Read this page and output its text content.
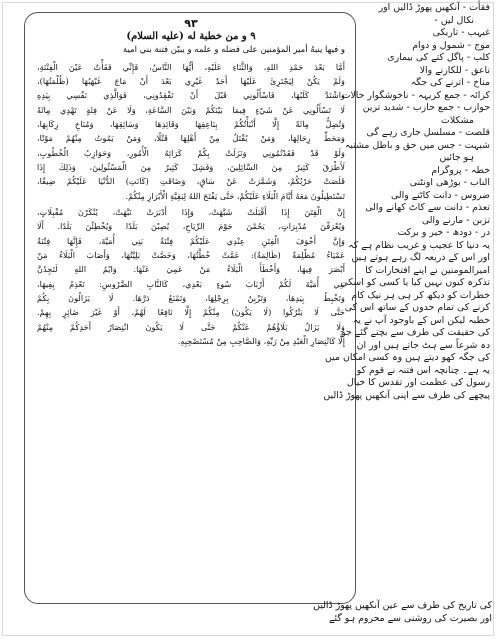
٩٣
۹ و من خطبة له (عليه السلام)
و فيها ينبهُ أمير المؤمنين على فضله و علمه و يبيّن فتنة بني امية
أَمَّا بَعْدَ حَمْدِ اللهِ، وَالثَّنَاءِ عَلَيْهِ، أَيُّهَا النَّاسُ، فَإِنِّي فَقَأْتُ عَيْنَ الْفِتْنَةِ،
وَلَمْ يَكُنْ لِيَجْتَرِئَ عَلَيْهَا أَحَدٌ غَيْرِي بَعْدَ أَنْ مَاجَ غَيْهَبُهَا (ظُلْمَتُهَا)،
وَاشْتَدَّ كَلَبُهَا، فَاسْأَلُونِي قَبْلَ أَنْ تَفْقِدُونِي، فَوَالَّذِي نَفْسِي بِيَدِهِ
لَا تَسْأَلُونِي عَنْ شَيْءٍ فِيمَا بَيْنَكُمْ وَبَيْنَ السَّاعَةِ، وَلَا عَنْ فِئَةٍ تَهْدِي مِائَةً
وَتُضِلُّ مِائَةً إِلَّا أَنْبَأْتُكُمْ بِنَاعِقِهَا وَقَائِدِهَا وَسَائِقِهَا، وَمُنَاخِ رِكَابِهَا،
وَمَحَطِّ رِحَالِهَا، وَمَنْ يُقْتَلُ مِنْ أَهْلِهَا قَتْلًا، وَمَنْ يَمُوتُ مِنْهُمْ مَوْتًا،
وَلَوْ قَدْ فَقَدْتُمُونِي وَنَزَلَتْ بِكُمْ كَرَائِهُ الْأُمُورِ، وَحَوَازِبُ الْخُطُوبِ،
لَأَطْرَقَ كَثِيرٌ مِنَ السَّائِلِينَ، وَفَشِلَ كَثِيرٌ مِنَ الْمَسْئُولِينَ، وَذَلِكَ إِذَا
قَلَصَتْ حَرْبُكُمْ، وَشَمَّرَتْ عَنْ سَاقٍ، وَضَاقَتِ (كَانَتِ) الدُّنْيَا عَلَيْكُمْ ضِيقًا،
تَسْتَطِيلُونَ مَعَهُ أَيَّامَ الْبَلَاءِ عَلَيْكُمْ، حَتَّى يَفْتَحَ اللهُ لِبَقِيَّةِ الْأَبْرَارِ مِنْكُمْ.
إِنَّ الْفِتَنَ إِذَا أَقْبَلَتْ شَبَّهَتْ، وَإِذَا أَدْبَرَتْ نَبَّهَتْ، يُنْكَرْنَ مُقْبِلَاتٍ،
وَيُعْرَفْنَ مُدْبِرَاتٍ، يَحُمْنَ حَوْمَ الرِّيَاحِ، يُصِبْنَ بَلَدًا وَيُخْطِئْنَ بَلَدًا. أَلَا
وَإِنَّ أَخْوَفَ الْفِتَنِ عِنْدِي عَلَيْكُمْ فِتْنَةُ بَنِي أُمَيَّةَ، فَإِنَّهَا فِتْنَةٌ
عَمْيَاءُ مُظْلِمَةٌ (ظَالِمَةٌ): عَمَّتْ خُطَّتُهَا، وَخَصَّتْ بَلِيَّتُهَا، وَأَصَابَ الْبَلَاءُ مَنْ
أَبْصَرَ فِيهَا، وَأَخْطَأَ الْبَلَاءُ مَنْ عَمِيَ عَنْهَا. وَايْمُ اللهِ لَتَجِدُنَّ
بَنِي أُمَيَّةَ لَكُمْ أَرْبَابَ سُوءٍ بَعْدِي، كَالنَّابِ الضَّرُوسِ: تَعْذِمُ بِفِيهَا،
وَتَخْبِطُ بِيَدِهَا، وَتَزْبِنُ بِرِجْلِهَا، وَتَمْنَعُ دَرَّهَا. لَا يَزَالُونَ بِكُمْ
حَتَّى لَا يَتْرُكُوا (لَا يَكُونَ) مِنْكُمْ إِلَّا نَافِعًا لَهُمْ، أَوْ غَيْرَ ضَائِرٍ بِهِمْ.
وَلَا يَزَالُ بَلَاؤُهُمْ عَنْكُمْ حَتَّى لَا يَكُونَ انْتِصَارُ أَحَدِكُمْ مِنْهُمْ
إِلَّا كَانْتِصَارِ الْعَبْدِ مِنْ رَبِّهِ، وَالصَّاحِبِ مِنْ مُسْتَصْحِبِهِ.
فقأت - آنکھیں پھوڑ ڈالیں اور
نکال لیں -
غیہب - تاریکی
موج - شمول و دوام
کلب - پاگل کتے کی بیماری
ناعق - للکارنے والا
مناخ - اترنے کی جگہ
کرائہ - جمع کریہہ - ناخوشگوار حالات
حوازب - جمع حازب - شدید ترین
مشکلات
قلصت - مسلسل جاری رہے گی
شبہت - جس میں حق و باطل مشتبہ
ہو جائیں
خطہ - پروگرام
الناب - بوڑھی اونٹنی
ضروس - دانت کاٹنے والی
تعذم - دانت سے کاٹ کھانے والی
تزبن - مارنے والی
در - دودھ - خیر و برکت
یہ دنیا کا عجیب و غریب نظام ہے کہ
اور اس کے ذریعہ لگ رہے ہوتے ہیں
امیرالمومنین نے اپنے افتخارات کا
تذکرہ کیوں نہیں کیا یا کسی کو اسکی
خطرات کو دیکھ کر ہی ہر نیک کام
کرنے کی تمام حدوں کے ساتھ اس کی
خطبہ لیکن اس کے باوجود آپ نے یہ
کی حقیقت کی طرف سے بچتے گئے جو
دہ شرعاً سے ہٹ جاتے ہیں اور ان
کی جگہ کھو دیتے ہیں وہ کسی امکان میں
یہ ہے۔ چنانچہ اس فتنہ نے قوم کو
رسول کی عظمت اور تقدس کا خیال
پیچھے کی طرف سے اپنی آنکھیں پھوڑ ڈالیں
کی تاریخ کی طرف سے عین آنکھیں پھوڑ ڈالیں
اور بصیرت کی روشنی سے محروم ہو گئے
